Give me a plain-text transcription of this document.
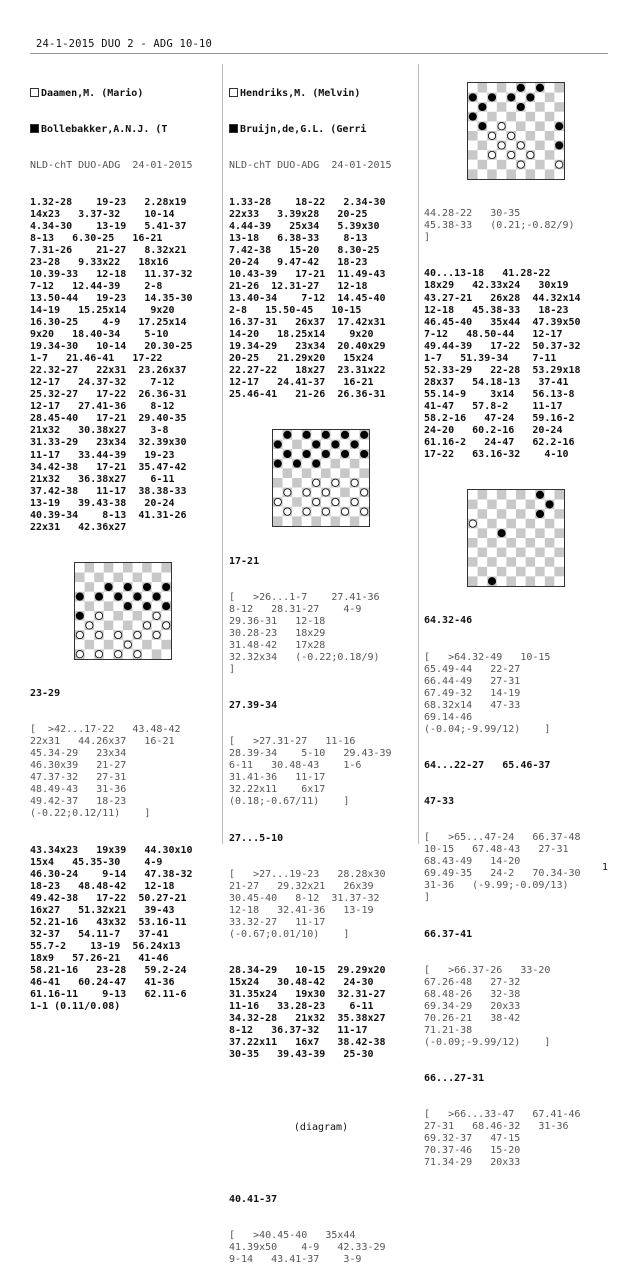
24-1-2015 DUO 2 - ADG 10-10

Daamen,M. (Mario)

Bollebakker,A.N.J. (T

NLD-chT DUO-ADG  24-01-2015

1.32-28    19-23   2.28x19
14x23   3.37-32    10-14
4.34-30    13-19   5.41-37
8-13   6.30-25   16-21
7.31-26    21-27   8.32x21
23-28   9.33x22   18x16
10.39-33   12-18   11.37-32
7-12   12.44-39    2-8
13.50-44   19-23   14.35-30
14-19   15.25x14    9x20
16.30-25    4-9   17.25x14
9x20   18.40-34    5-10
19.34-30   10-14   20.30-25
1-7   21.46-41   17-22
22.32-27   22x31  23.26x37
12-17   24.37-32    7-12
25.32-27   17-22  26.36-31
12-17   27.41-36    8-12
28.45-40   17-21  29.40-35
21x32   30.38x27    3-8
31.33-29   23x34  32.39x30
11-17   33.44-39   19-23
34.42-38   17-21  35.47-42
21x32   36.38x27    6-11
37.42-38   11-17  38.38-33
13-19   39.43-38   20-24
40.39-34    8-13  41.31-26
22x31   42.36x27

23-29

[  >42...17-22   43.48-42
22x31   44.26x37   16-21
45.34-29   23x34
46.30x39   21-27
47.37-32   27-31
48.49-43   31-36
49.42-37   18-23
(-0.22;0.12/11)    ]

43.34x23   19x39   44.30x10
15x4   45.35-30    4-9
46.30-24    9-14   47.38-32
18-23   48.48-42   12-18
49.42-38   17-22  50.27-21
16x27   51.32x21   39-43
52.21-16   43x32  53.16-11
32-37   54.11-7   37-41
55.7-2    13-19  56.24x13
18x9   57.26-21   41-46
58.21-16   23-28   59.2-24
46-41   60.24-47   41-36
61.16-11    9-13   62.11-6
1-1 (0.11/0.08)

Hendriks,M. (Melvin)

Bruijn,de,G.L. (Gerri

NLD-chT DUO-ADG  24-01-2015

1.33-28    18-22   2.34-30
22x33   3.39x28   20-25
4.44-39   25x34   5.39x30
13-18   6.38-33    8-13
7.42-38   15-20   8.30-25
20-24   9.47-42   18-23
10.43-39   17-21  11.49-43
21-26  12.31-27   12-18
13.40-34    7-12  14.45-40
2-8   15.50-45   10-15
16.37-31   26x37  17.42x31
14-20   18.25x14    9x20
19.34-29   23x34  20.40x29
20-25   21.29x20   15x24
22.27-22   18x27  23.31x22
12-17   24.41-37   16-21
25.46-41   21-26  26.36-31

17-21

[   >26...1-7    27.41-36
8-12   28.31-27    4-9
29.36-31   12-18
30.28-23   18x29
31.48-42   17x28
32.32x34   (-0.22;0.18/9)
]

27.39-34

[   >27.31-27   11-16
28.39-34    5-10   29.43-39
6-11   30.48-43    1-6
31.41-36   11-17
32.22x11    6x17
(0.18;-0.67/11)    ]

27...5-10

[   >27...19-23   28.28x30
21-27   29.32x21   26x39
30.45-40   8-12  31.37-32
12-18   32.41-36   13-19
33.32-27   11-17
(-0.67;0.01/10)    ]

28.34-29   10-15  29.29x20
15x24   30.48-42   24-30
31.35x24   19x30  32.31-27
11-16   33.28-23    6-11
34.32-28   21x32  35.38x27
8-12   36.37-32   11-17
37.22x11   16x7   38.42-38
30-35   39.43-39   25-30

(diagram)

40.41-37

[   >40.45-40   35x44
41.39x50    4-9   42.33-29
9-14   43.41-37    3-9

44.28-22   30-35
45.38-33   (0.21;-0.82/9)
]

40...13-18   41.28-22
18x29   42.33x24   30x19
43.27-21   26x28  44.32x14
12-18   45.38-33   18-23
46.45-40   35x44  47.39x50
7-12   48.50-44   12-17
49.44-39   17-22  50.37-32
1-7   51.39-34    7-11
52.33-29   22-28  53.29x18
28x37   54.18-13   37-41
55.14-9    3x14   56.13-8
41-47   57.8-2    11-17
58.2-16   47-24   59.16-2
24-20   60.2-16   20-24
61.16-2   24-47   62.2-16
17-22   63.16-32    4-10

64.32-46

[   >64.32-49   10-15
65.49-44   22-27
66.44-49   27-31
67.49-32   14-19
68.32x14   47-33
69.14-46
(-0.04;-9.99/12)    ]

64...22-27   65.46-37

47-33

[   >65...47-24   66.37-48
10-15   67.48-43   27-31
68.43-49   14-20
69.49-35   24-2   70.34-30
31-36   (-9.99;-0.09/13)
]

66.37-41

[   >66.37-26   33-20
67.26-48   27-32
68.48-26   32-38
69.34-29   20x33
70.26-21   38-42
71.21-38
(-0.09;-9.99/12)    ]

66...27-31

[   >66...33-47   67.41-46
27-31   68.46-32   31-36
69.32-37   47-15
70.37-46   15-20
71.34-29   20x33

1
